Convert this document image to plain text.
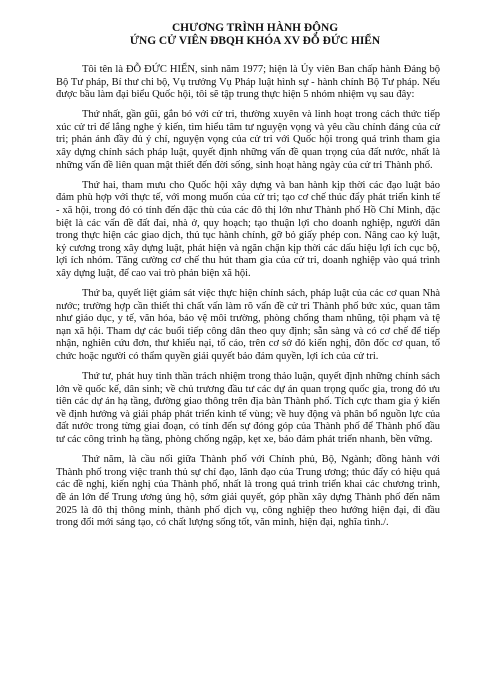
CHƯƠNG TRÌNH HÀNH ĐỘNG
ỨNG CỬ VIÊN ĐBQH KHÓA XV ĐỖ ĐỨC HIỂN

Tôi tên là ĐỖ ĐỨC HIỂN, sinh năm 1977; hiện là Ủy viên Ban chấp hành Đảng bộ Bộ Tư pháp, Bí thư chi bộ, Vụ trưởng Vụ Pháp luật hình sự - hành chính Bộ Tư pháp. Nếu được bầu làm đại biểu Quốc hội, tôi sẽ tập trung thực hiện 5 nhóm nhiệm vụ sau đây:

Thứ nhất, gần gũi, gắn bó với cử tri, thường xuyên và linh hoạt trong cách thức tiếp xúc cử tri để lắng nghe ý kiến, tìm hiểu tâm tư nguyện vọng và yêu cầu chính đáng của cử tri; phản ánh đầy đủ ý chí, nguyện vọng của cử tri với Quốc hội trong quá trình tham gia xây dựng chính sách pháp luật, quyết định những vấn đề quan trọng của đất nước, nhất là những vấn đề liên quan mật thiết đến đời sống, sinh hoạt hàng ngày của cử tri Thành phố.

Thứ hai, tham mưu cho Quốc hội xây dựng và ban hành kịp thời các đạo luật bảo đảm phù hợp với thực tế, với mong muốn của cử tri; tạo cơ chế thúc đẩy phát triển kinh tế - xã hội, trong đó có tính đến đặc thù của các đô thị lớn như Thành phố Hồ Chí Minh, đặc biệt là các vấn đề đất đai, nhà ở, quy hoạch; tạo thuận lợi cho doanh nghiệp, người dân trong thực hiện các giao dịch, thủ tục hành chính, gỡ bỏ giấy phép con. Nâng cao kỷ luật, kỷ cương trong xây dựng luật, phát hiện và ngăn chặn kịp thời các dấu hiệu lợi ích cục bộ, lợi ích nhóm. Tăng cường cơ chế thu hút tham gia của cử tri, doanh nghiệp vào quá trình xây dựng luật, để cao vai trò phản biện xã hội.

Thứ ba, quyết liệt giám sát việc thực hiện chính sách, pháp luật của các cơ quan Nhà nước; trường hợp cần thiết thì chất vấn làm rõ vấn đề cử tri Thành phố bức xúc, quan tâm như giáo dục, y tế, văn hóa, bảo vệ môi trường, phòng chống tham nhũng, tội phạm và tệ nạn xã hội. Tham dự các buổi tiếp công dân theo quy định; sẵn sàng và có cơ chế để tiếp nhận, nghiên cứu đơn, thư khiếu nại, tố cáo, trên cơ sở đó kiến nghị, đôn đốc cơ quan, tổ chức hoặc người có thẩm quyền giải quyết bảo đảm quyền, lợi ích của cử tri.

Thứ tư, phát huy tinh thần trách nhiệm trong thảo luận, quyết định những chính sách lớn về quốc kế, dân sinh; về chủ trương đầu tư các dự án quan trọng quốc gia, trong đó ưu tiên các dự án hạ tầng, đường giao thông trên địa bàn Thành phố. Tích cực tham gia ý kiến về định hướng và giải pháp phát triển kinh tế vùng; về huy động và phân bổ nguồn lực của đất nước trong từng giai đoạn, có tính đến sự đóng góp của Thành phố để Thành phố đầu tư các công trình hạ tầng, phòng chống ngập, kẹt xe, bảo đảm phát triển nhanh, bền vững.

Thứ năm, là cầu nối giữa Thành phố với Chính phủ, Bộ, Ngành; đồng hành với Thành phố trong việc tranh thủ sự chỉ đạo, lãnh đạo của Trung ương; thúc đẩy có hiệu quả các đề nghị, kiến nghị của Thành phố, nhất là trong quá trình triển khai các chương trình, đề án lớn để Trung ương ủng hộ, sớm giải quyết, góp phần xây dựng Thành phố đến năm 2025 là đô thị thông minh, thành phố dịch vụ, công nghiệp theo hướng hiện đại, đi đầu trong đổi mới sáng tạo, có chất lượng sống tốt, văn minh, hiện đại, nghĩa tình./.
